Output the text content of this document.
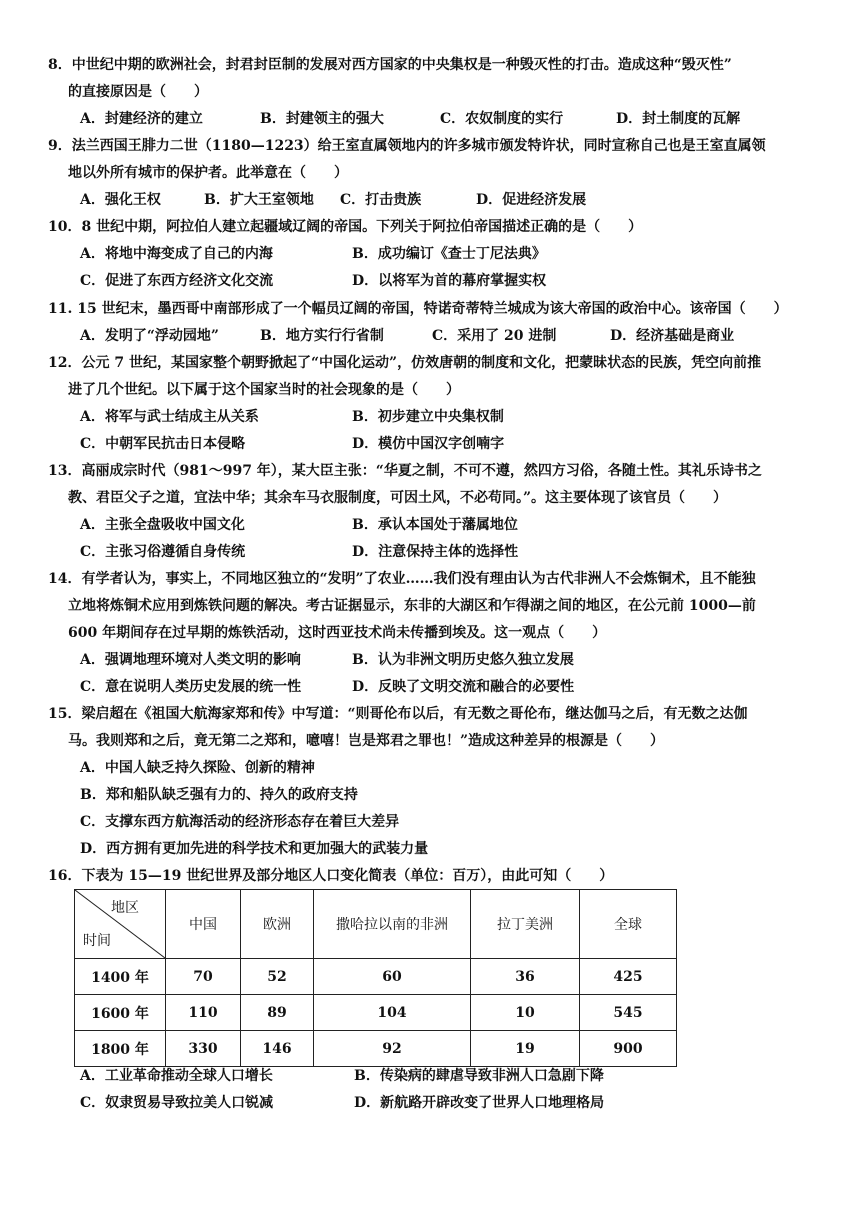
8．中世纪中期的欧洲社会，封君封臣制的发展对西方国家的中央集权是一种毁灭性的打击。造成这种“毁灭性”
的直接原因是（　　）

A．封建经济的建立	B．封建领主的强大	C．农奴制度的实行	D．封土制度的瓦解

9．法兰西国王腓力二世（1180—1223）给王室直属领地内的许多城市颁发特许状，同时宣称自己也是王室直属领
地以外所有城市的保护者。此举意在（　　）

A．强化王权	B．扩大王室领地	C．打击贵族	D．促进经济发展

10．8 世纪中期，阿拉伯人建立起疆域辽阔的帝国。下列关于阿拉伯帝国描述正确的是（　　）

A．将地中海变成了自己的内海	B．成功编订《查士丁尼法典》
C．促进了东西方经济文化交流	D．以将军为首的幕府掌握实权

11. 15 世纪末，墨西哥中南部形成了一个幅员辽阔的帝国，特诺奇蒂特兰城成为该大帝国的政治中心。该帝国（　　）

A．发明了“浮动园地”	B．地方实行行省制	C．采用了 20 进制	D．经济基础是商业

12．公元 7 世纪，某国家整个朝野掀起了“中国化运动”，仿效唐朝的制度和文化，把蒙昧状态的民族，凭空向前推
进了几个世纪。以下属于这个国家当时的社会现象的是（　　）

A．将军与武士结成主从关系	B．初步建立中央集权制
C．中朝军民抗击日本侵略	D．模仿中国汉字创喃字

13．高丽成宗时代（981～997 年），某大臣主张：“华夏之制，不可不遵，然四方习俗，各随土性。其礼乐诗书之
教、君臣父子之道，宜法中华；其余车马衣服制度，可因土风，不必苟同。”。这主要体现了该官员（　　）

A．主张全盘吸收中国文化	B．承认本国处于藩属地位
C．主张习俗遵循自身传统	D．注意保持主体的选择性

14．有学者认为，事实上，不同地区独立的“发明”了农业……我们没有理由认为古代非洲人不会炼铜术，且不能独
立地将炼铜术应用到炼铁问题的解决。考古证据显示，东非的大湖区和乍得湖之间的地区，在公元前 1000—前
600 年期间存在过早期的炼铁活动，这时西亚技术尚未传播到埃及。这一观点（　　）

A．强调地理环境对人类文明的影响	B．认为非洲文明历史悠久独立发展
C．意在说明人类历史发展的统一性	D．反映了文明交流和融合的必要性

15．梁启超在《祖国大航海家郑和传》中写道：“则哥伦布以后，有无数之哥伦布，继达伽马之后，有无数之达伽
马。我则郑和之后，竟无第二之郑和，噫嘻！岂是郑君之罪也！”造成这种差异的根源是（　　）

A．中国人缺乏持久探险、创新的精神
B．郑和船队缺乏强有力的、持久的政府支持
C．支撑东西方航海活动的经济形态存在着巨大差异
D．西方拥有更加先进的科学技术和更加强大的武装力量

16．下表为 15—19 世纪世界及部分地区人口变化简表（单位：百万），由此可知（　　）

地区
时间	中国	欧洲	撒哈拉以南的非洲	拉丁美洲	全球
1400 年	70	52	60	36	425
1600 年	110	89	104	10	545
1800 年	330	146	92	19	900
A．工业革命推动全球人口增长	B．传染病的肆虐导致非洲人口急剧下降
C．奴隶贸易导致拉美人口锐减	D．新航路开辟改变了世界人口地理格局
